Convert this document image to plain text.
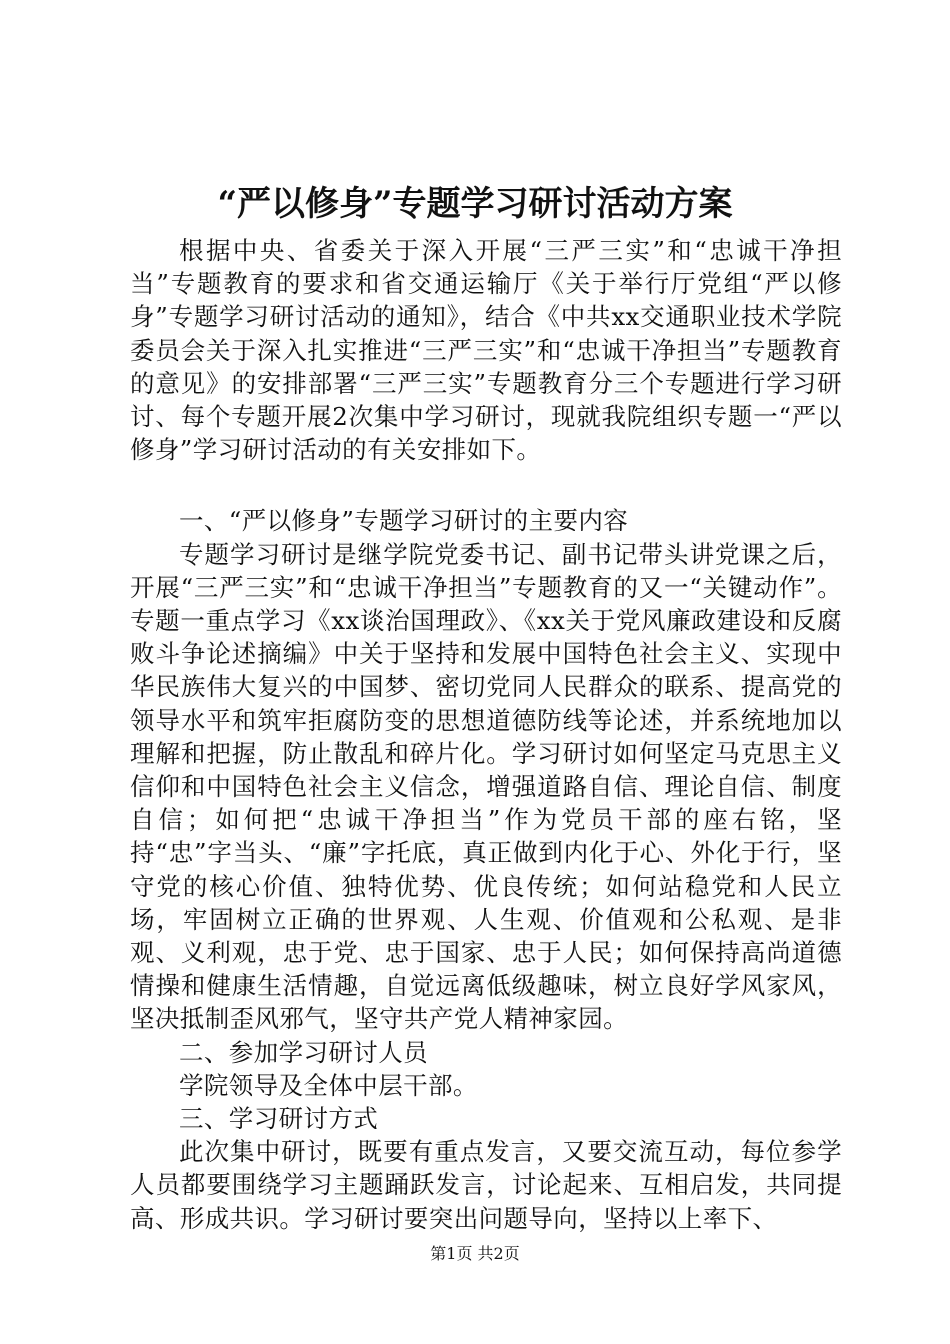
“严以修身”专题学习研讨活动方案

根据中央、省委关于深入开展“三严三实”和“忠诚干净担当”专题教育的要求和省交通运输厅《关于举行厅党组“严以修身”专题学习研讨活动的通知》，结合《中共xx交通职业技术学院委员会关于深入扎实推进“三严三实”和“忠诚干净担当”专题教育的意见》的安排部署“三严三实”专题教育分三个专题进行学习研讨、每个专题开展2次集中学习研讨，现就我院组织专题一“严以修身”学习研讨活动的有关安排如下。

一、“严以修身”专题学习研讨的主要内容

专题学习研讨是继学院党委书记、副书记带头讲党课之后，开展“三严三实”和“忠诚干净担当”专题教育的又一“关键动作”。专题一重点学习《xx谈治国理政》、《xx关于党风廉政建设和反腐败斗争论述摘编》中关于坚持和发展中国特色社会主义、实现中华民族伟大复兴的中国梦、密切党同人民群众的联系、提高党的领导水平和筑牢拒腐防变的思想道德防线等论述，并系统地加以理解和把握，防止散乱和碎片化。学习研讨如何坚定马克思主义信仰和中国特色社会主义信念，增强道路自信、理论自信、制度自信；如何把“忠诚干净担当”作为党员干部的座右铭，坚持“忠”字当头、“廉”字托底，真正做到内化于心、外化于行，坚守党的核心价值、独特优势、优良传统；如何站稳党和人民立场，牢固树立正确的世界观、人生观、价值观和公私观、是非观、义利观，忠于党、忠于国家、忠于人民；如何保持高尚道德情操和健康生活情趣，自觉远离低级趣味，树立良好学风家风，坚决抵制歪风邪气，坚守共产党人精神家园。

二、参加学习研讨人员

学院领导及全体中层干部。

三、学习研讨方式

此次集中研讨，既要有重点发言，又要交流互动，每位参学人员都要围绕学习主题踊跃发言，讨论起来、互相启发，共同提高、形成共识。学习研讨要突出问题导向，坚持以上率下、

第1页 共2页
